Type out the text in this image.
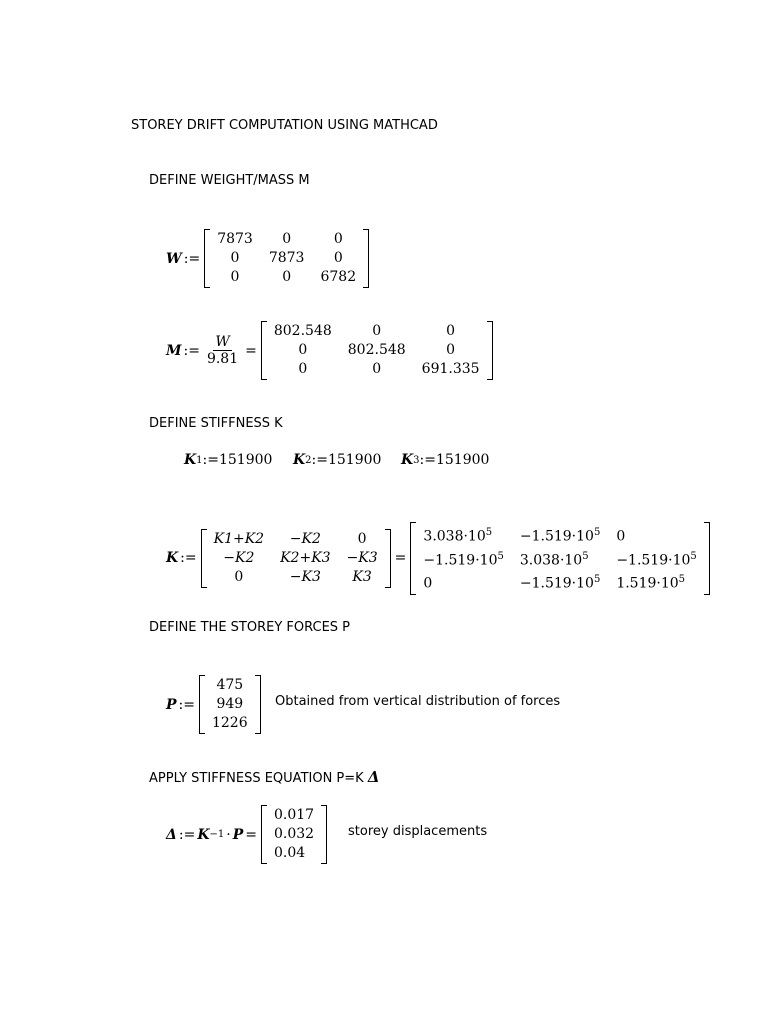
STOREY DRIFT COMPUTATION USING MATHCAD
DEFINE WEIGHT/MASS M
W :=
7873	0	0
0	7873	0
0	0	6782
M := $\frac{W}{9.81}$ =
802.548	0	0
0	802.548	0
0	0	691.335
DEFINE STIFFNESS K
K 1 :=151900 K 2 :=151900 K 3 :=151900
K :=
K1+K2	−K2	0
−K2	K2+K3	−K3
0	−K3	K3
=
$3.038\cdot 10^5$	$-1.519\cdot 10^5$	0
$-1.519\cdot 10^5$	$3.038\cdot 10^5$	$-1.519\cdot 10^5$
0	$-1.519\cdot 10^5$	$1.519\cdot 10^5$
DEFINE THE STOREY FORCES P
P :=
475
949
1226
Obtained from vertical distribution of forces
APPLY STIFFNESS EQUATION P=K Δ
Δ := K −1 · P =
0.017
0.032
0.04
storey displacements
